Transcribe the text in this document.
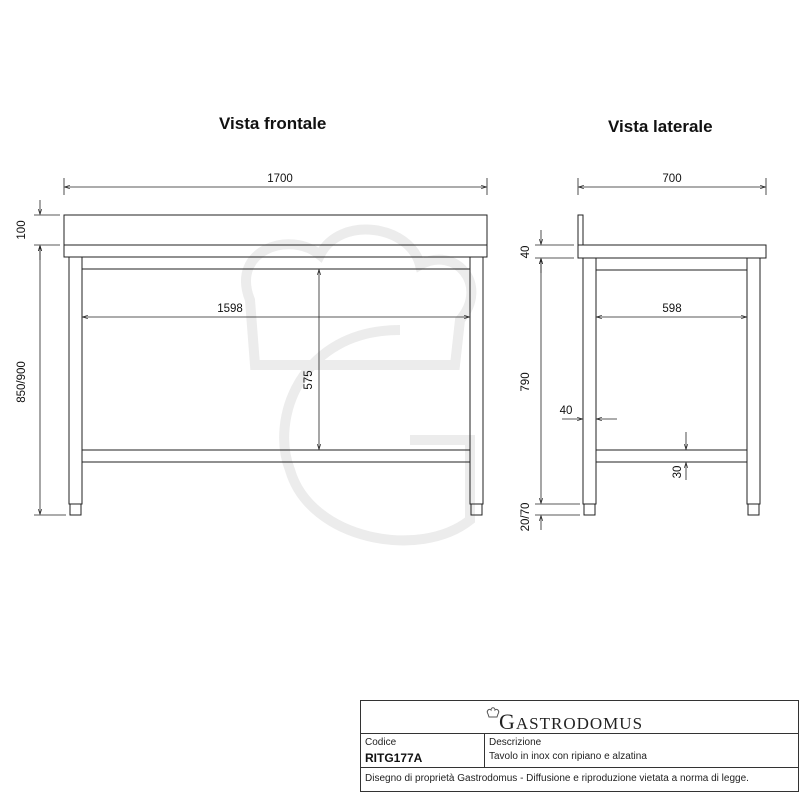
1700
1598
100
850/900	575
700
598
40
790
40
30
20/70
Vista frontale	Vista laterale
GASTRODOMUS
Codice
RITG177A
Descrizione
Tavolo in inox con ripiano e alzatina
Disegno di proprietà Gastrodomus - Diffusione e riproduzione vietata a norma di legge.
